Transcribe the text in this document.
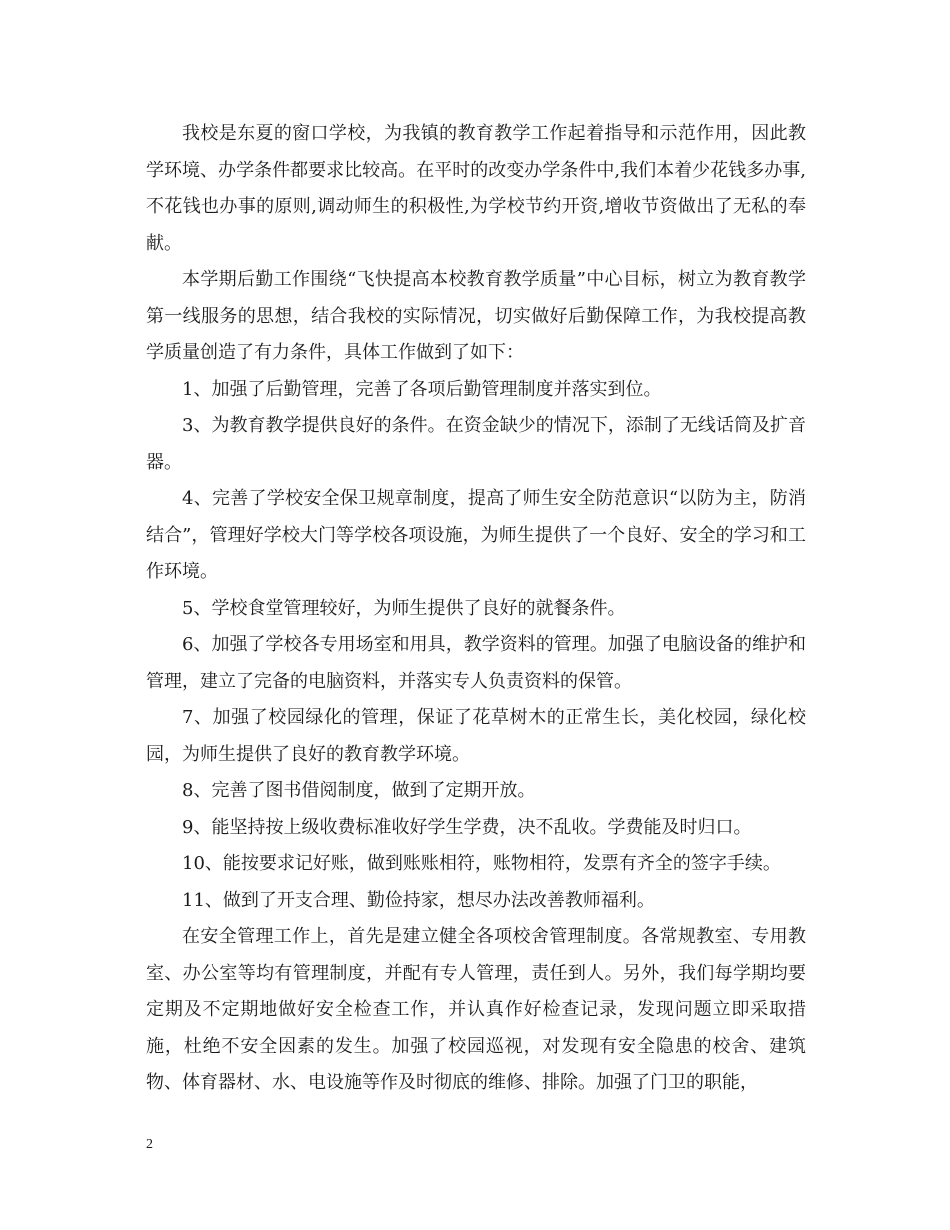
我校是东夏的窗口学校，为我镇的教育教学工作起着指导和示范作用，因此教学环境、办学条件都要求比较高。在平时的改变办学条件中,我们本着少花钱多办事,不花钱也办事的原则,调动师生的积极性,为学校节约开资,增收节资做出了无私的奉献。

本学期后勤工作围绕“飞快提高本校教育教学质量”中心目标，树立为教育教学第一线服务的思想，结合我校的实际情况，切实做好后勤保障工作，为我校提高教学质量创造了有力条件，具体工作做到了如下：

1、加强了后勤管理，完善了各项后勤管理制度并落实到位。

3、为教育教学提供良好的条件。在资金缺少的情况下，添制了无线话筒及扩音器。

4、完善了学校安全保卫规章制度，提高了师生安全防范意识“以防为主，防消结合”，管理好学校大门等学校各项设施，为师生提供了一个良好、安全的学习和工作环境。

5、学校食堂管理较好，为师生提供了良好的就餐条件。

6、加强了学校各专用场室和用具，教学资料的管理。加强了电脑设备的维护和管理，建立了完备的电脑资料，并落实专人负责资料的保管。

7、加强了校园绿化的管理，保证了花草树木的正常生长，美化校园，绿化校园，为师生提供了良好的教育教学环境。

8、完善了图书借阅制度，做到了定期开放。

9、能坚持按上级收费标准收好学生学费，决不乱收。学费能及时归口。

10、能按要求记好账，做到账账相符，账物相符，发票有齐全的签字手续。

11、做到了开支合理、勤俭持家，想尽办法改善教师福利。

在安全管理工作上，首先是建立健全各项校舍管理制度。各常规教室、专用教室、办公室等均有管理制度，并配有专人管理，责任到人。另外，我们每学期均要定期及不定期地做好安全检查工作，并认真作好检查记录，发现问题立即采取措施，杜绝不安全因素的发生。加强了校园巡视，对发现有安全隐患的校舍、建筑物、体育器材、水、电设施等作及时彻底的维修、排除。加强了门卫的职能，

2
